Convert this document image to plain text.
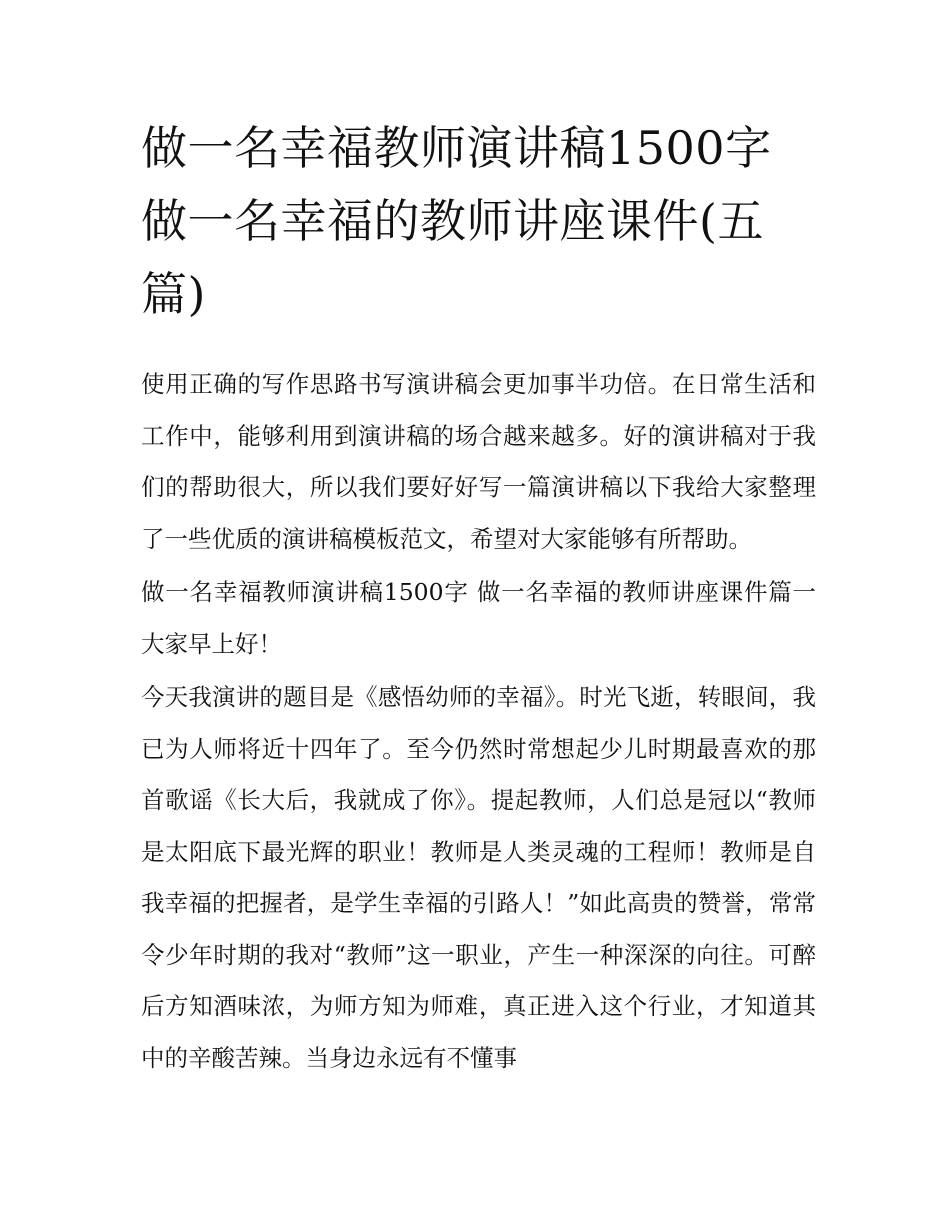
做一名幸福教师演讲稿1500字 做一名幸福的教师讲座课件(五篇)

使用正确的写作思路书写演讲稿会更加事半功倍。在日常生活和工作中，能够利用到演讲稿的场合越来越多。好的演讲稿对于我们的帮助很大，所以我们要好好写一篇演讲稿以下我给大家整理了一些优质的演讲稿模板范文，希望对大家能够有所帮助。

做一名幸福教师演讲稿1500字 做一名幸福的教师讲座课件篇一 大家早上好！

今天我演讲的题目是《感悟幼师的幸福》。时光飞逝，转眼间，我已为人师将近十四年了。至今仍然时常想起少儿时期最喜欢的那首歌谣《长大后，我就成了你》。提起教师，人们总是冠以“教师是太阳底下最光辉的职业！教师是人类灵魂的工程师！教师是自我幸福的把握者，是学生幸福的引路人！”如此高贵的赞誉，常常令少年时期的我对“教师”这一职业，产生一种深深的向往。可醉后方知酒味浓，为师方知为师难，真正进入这个行业，才知道其中的辛酸苦辣。当身边永远有不懂事
